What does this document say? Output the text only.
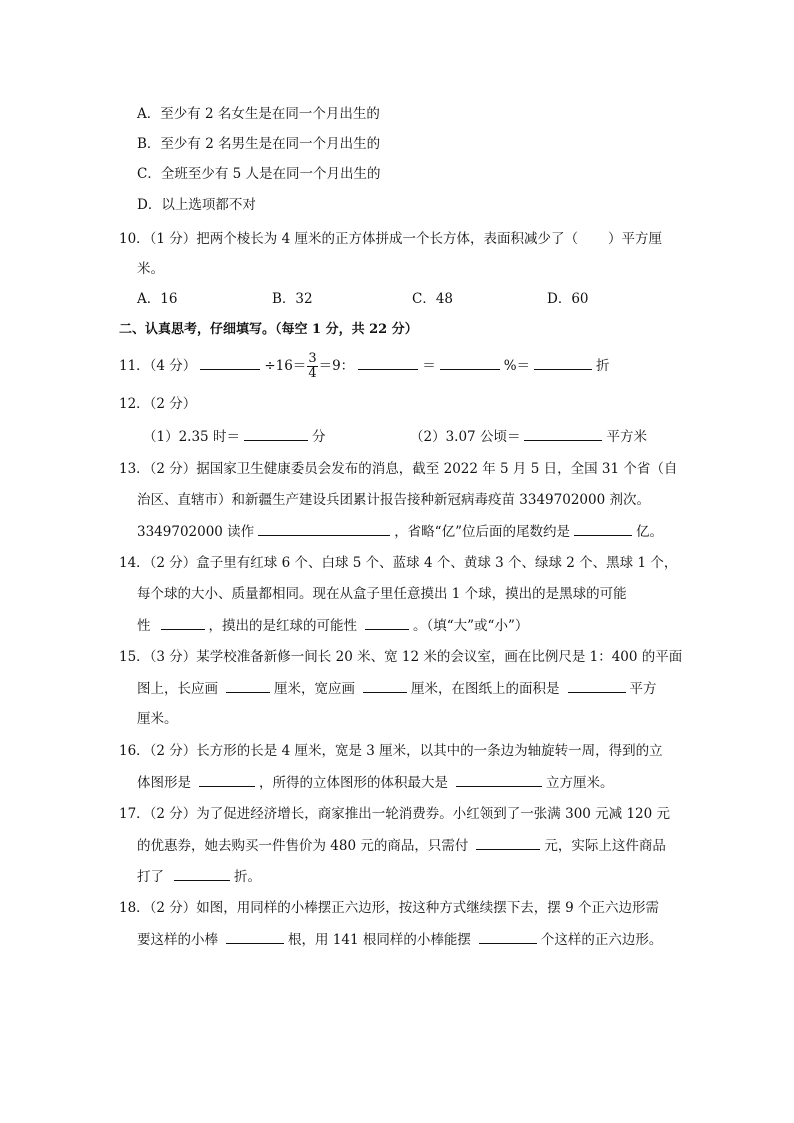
A．至少有 2 名女生是在同一个月出生的
B．至少有 2 名男生是在同一个月出生的
C．全班至少有 5 人是在同一个月出生的
D．以上选项都不对
10．（1 分）把两个棱长为 4 厘米的正方体拼成一个长方体，表面积减少了（ ）平方厘
米。
A．16	B．32	C．48	D．60
二、认真思考，仔细填写。（每空 1 分，共 22 分）
11．（4 分）	$\div 16= \frac{3}{4} =9$：	＝	%＝	折
12．（2 分）
（1）2.35 时＝	分	（2）3.07 公顷＝	平方米
13．（2 分）据国家卫生健康委员会发布的消息，截至 2022 年 5 月 5 日，全国 31 个省（自
治区、直辖市）和新疆生产建设兵团累计报告接种新冠病毒疫苗 3349702000 剂次。
3349702000 读作	，省略“亿”位后面的尾数约是	亿。
14．（2 分）盒子里有红球 6 个、白球 5 个、蓝球 4 个、黄球 3 个、绿球 2 个、黑球 1 个，
每个球的大小、质量都相同。现在从盒子里任意摸出 1 个球，摸出的是黑球的可能
性	，摸出的是红球的可能性	。（填“大”或“小”）
15．（3 分）某学校准备新修一间长 20 米、宽 12 米的会议室，画在比例尺是 1：400 的平面
图上，长应画	厘米，宽应画	厘米，在图纸上的面积是	平方
厘米。
16．（2 分）长方形的长是 4 厘米，宽是 3 厘米，以其中的一条边为轴旋转一周，得到的立
体图形是	，所得的立体图形的体积最大是	立方厘米。
17．（2 分）为了促进经济增长，商家推出一轮消费券。小红领到了一张满 300 元减 120 元
的优惠券，她去购买一件售价为 480 元的商品，只需付	元，实际上这件商品
打了	折。
18．（2 分）如图，用同样的小棒摆正六边形，按这种方式继续摆下去，摆 9 个正六边形需
要这样的小棒	根，用 141 根同样的小棒能摆	个这样的正六边形。
